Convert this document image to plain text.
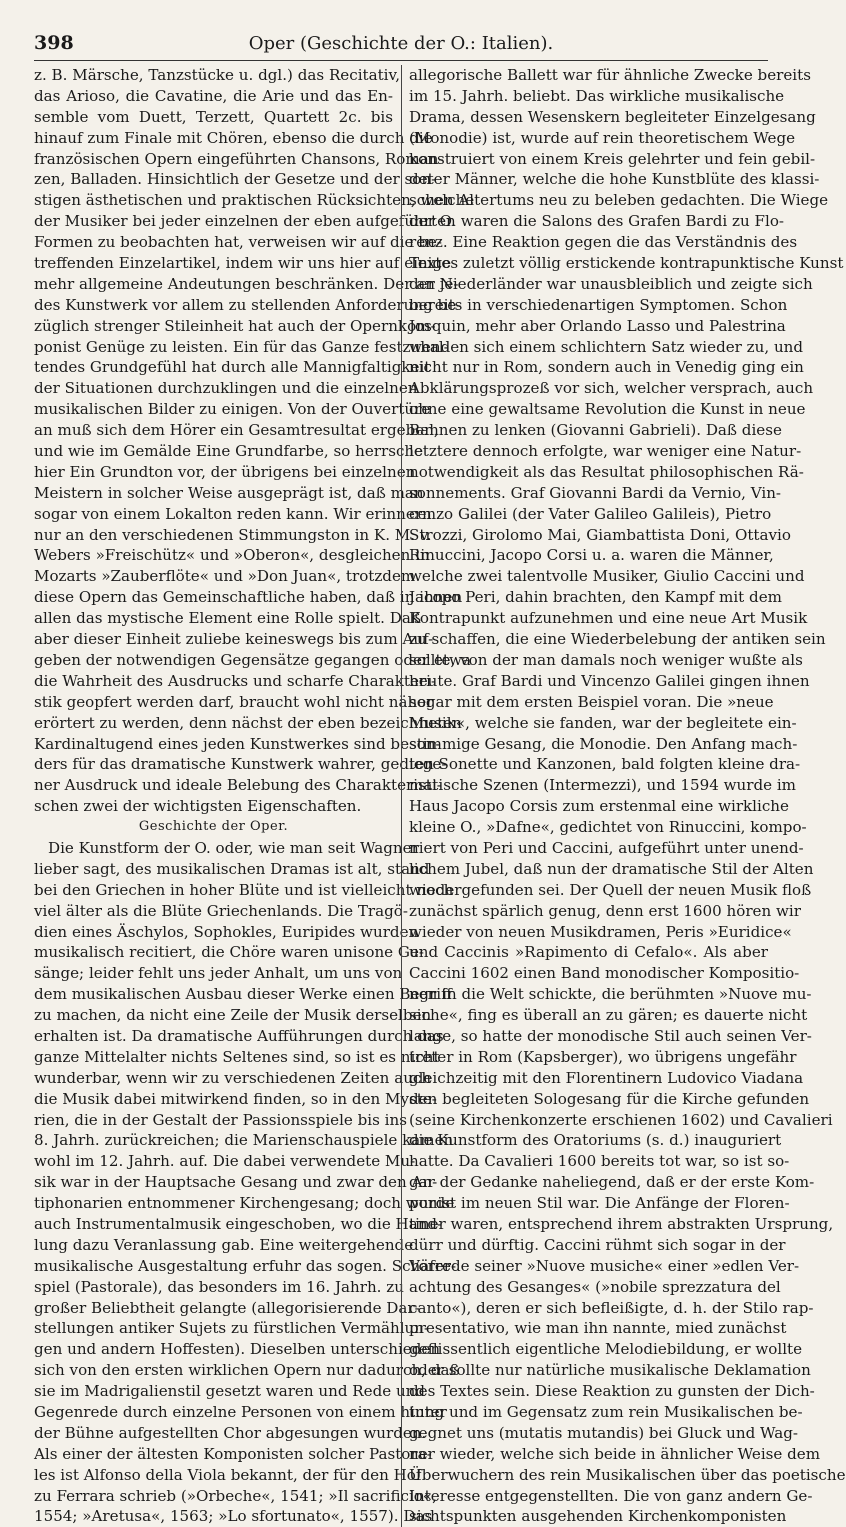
398	Oper (Geschichte der O.: Italien).
z. B. Märsche, Tanzstücke u. dgl.) das Recitativ,
das Arioso, die Cavatine, die Arie und das En-
semble vom Duett, Terzett, Quartett 2c. bis
hinauf zum Finale mit Chören, ebenso die durch die
französischen Opern eingeführten Chansons, Roman-
zen, Balladen. Hinsichtlich der Gesetze und der son-
stigen ästhetischen und praktischen Rücksichten, welche
der Musiker bei jeder einzelnen der eben aufgeführten
Formen zu beobachten hat, verweisen wir auf die be-
treffenden Einzelartikel, indem wir uns hier auf einige
mehr allgemeine Andeutungen beschränken. Der an je-
des Kunstwerk vor allem zu stellenden Anforderung be-
züglich strenger Stileinheit hat auch der Opernkom-
ponist Genüge zu leisten. Ein für das Ganze festzuhal-
tendes Grundgefühl hat durch alle Mannigfaltigkeit
der Situationen durchzuklingen und die einzelnen
musikalischen Bilder zu einigen. Von der Ouvertüre
an muß sich dem Hörer ein Gesamtresultat ergeben,
und wie im Gemälde Eine Grundfarbe, so herrsche
hier Ein Grundton vor, der übrigens bei einzelnen
Meistern in solcher Weise ausgeprägt ist, daß man
sogar von einem Lokalton reden kann. Wir erinnern
nur an den verschiedenen Stimmungston in K. M. v.
Webers »Freischütz« und »Oberon«, desgleichen in
Mozarts »Zauberflöte« und »Don Juan«, trotzdem
diese Opern das Gemeinschaftliche haben, daß in ihnen
allen das mystische Element eine Rolle spielt. Daß
aber dieser Einheit zuliebe keineswegs bis zum Auf-
geben der notwendigen Gegensätze gegangen oder etwa
die Wahrheit des Ausdrucks und scharfe Charakteri-
stik geopfert werden darf, braucht wohl nicht näher
erörtert zu werden, denn nächst der eben bezeichneten
Kardinaltugend eines jeden Kunstwerkes sind beson-
ders für das dramatische Kunstwerk wahrer, gediege-
ner Ausdruck und ideale Belebung des Charakteristi-
schen zwei der wichtigsten Eigenschaften.
Geschichte der Oper.
Die Kunstform der O. oder, wie man seit Wagner
lieber sagt, des musikalischen Dramas ist alt, stand
bei den Griechen in hoher Blüte und ist vielleicht noch
viel älter als die Blüte Griechenlands. Die Tragö-
dien eines Äschylos, Sophokles, Euripides wurden
musikalisch recitiert, die Chöre waren unisone Ge-
sänge; leider fehlt uns jeder Anhalt, um uns von
dem musikalischen Ausbau dieser Werke einen Begriff
zu machen, da nicht eine Zeile der Musik derselben
erhalten ist. Da dramatische Aufführungen durch das
ganze Mittelalter nichts Seltenes sind, so ist es nicht
wunderbar, wenn wir zu verschiedenen Zeiten auch
die Musik dabei mitwirkend finden, so in den Myste-
rien, die in der Gestalt der Passionsspiele bis ins
8. Jahrh. zurückreichen; die Marienschauspiele kamen
wohl im 12. Jahrh. auf. Die dabei verwendete Mu-
sik war in der Hauptsache Gesang und zwar den An-
tiphonarien entnommener Kirchengesang; doch wurde
auch Instrumentalmusik eingeschoben, wo die Hand-
lung dazu Veranlassung gab. Eine weitergehende
musikalische Ausgestaltung erfuhr das sogen. Schäfer-
spiel (Pastorale), das besonders im 16. Jahrh. zu
großer Beliebtheit gelangte (allegorisierende Dar-
stellungen antiker Sujets zu fürstlichen Vermählun-
gen und andern Hoffesten). Dieselben unterschieden
sich von den ersten wirklichen Opern nur dadurch, daß
sie im Madrigalienstil gesetzt waren und Rede und
Gegenrede durch einzelne Personen von einem hinter
der Bühne aufgestellten Chor abgesungen wurden.
Als einer der ältesten Komponisten solcher Pastora-
les ist Alfonso della Viola bekannt, der für den Hof
zu Ferrara schrieb (»Orbeche«, 1541; »Il sacrificio«,
1554; »Aretusa«, 1563; »Lo sfortunato«, 1557). Das
allegorische Ballett war für ähnliche Zwecke bereits
im 15. Jahrh. beliebt. Das wirkliche musikalische
Drama, dessen Wesenskern begleiteter Einzelgesang
(Monodie) ist, wurde auf rein theoretischem Wege
konstruiert von einem Kreis gelehrter und fein gebil-
deter Männer, welche die hohe Kunstblüte des klassi-
schen Altertums neu zu beleben gedachten. Die Wiege
der O. waren die Salons des Grafen Bardi zu Flo-
renz. Eine Reaktion gegen die das Verständnis des
Textes zuletzt völlig erstickende kontrapunktische Kunst
der Niederländer war unausbleiblich und zeigte sich
bereits in verschiedenartigen Symptomen. Schon
Josquin, mehr aber Orlando Lasso und Palestrina
wenden sich einem schlichtern Satz wieder zu, und
nicht nur in Rom, sondern auch in Venedig ging ein
Abklärungsprozeß vor sich, welcher versprach, auch
ohne eine gewaltsame Revolution die Kunst in neue
Bahnen zu lenken (Giovanni Gabrieli). Daß diese
letztere dennoch erfolgte, war weniger eine Natur-
notwendigkeit als das Resultat philosophischen Rä-
sonnements. Graf Giovanni Bardi da Vernio, Vin-
cenzo Galilei (der Vater Galileo Galileis), Pietro
Strozzi, Girolomo Mai, Giambattista Doni, Ottavio
Rinuccini, Jacopo Corsi u. a. waren die Männer,
welche zwei talentvolle Musiker, Giulio Caccini und
Jacopo Peri, dahin brachten, den Kampf mit dem
Kontrapunkt aufzunehmen und eine neue Art Musik
zu schaffen, die eine Wiederbelebung der antiken sein
sollte, von der man damals noch weniger wußte als
heute. Graf Bardi und Vincenzo Galilei gingen ihnen
sogar mit dem ersten Beispiel voran. Die »neue
Musik«, welche sie fanden, war der begleitete ein-
stimmige Gesang, die Monodie. Den Anfang mach-
ten Sonette und Kanzonen, bald folgten kleine dra-
matische Szenen (Intermezzi), und 1594 wurde im
Haus Jacopo Corsis zum erstenmal eine wirkliche
kleine O., »Dafne«, gedichtet von Rinuccini, kompo-
niert von Peri und Caccini, aufgeführt unter unend-
lichem Jubel, daß nun der dramatische Stil der Alten
wiedergefunden sei. Der Quell der neuen Musik floß
zunächst spärlich genug, denn erst 1600 hören wir
wieder von neuen Musikdramen, Peris »Euridice«
und Caccinis »Rapimento di Cefalo«. Als aber
Caccini 1602 einen Band monodischer Kompositio-
nen in die Welt schickte, die berühmten »Nuove mu-
siche«, fing es überall an zu gären; es dauerte nicht
lange, so hatte der monodische Stil auch seinen Ver-
treter in Rom (Kapsberger), wo übrigens ungefähr
gleichzeitig mit den Florentinern Ludovico Viadana
den begleiteten Sologesang für die Kirche gefunden
(seine Kirchenkonzerte erschienen 1602) und Cavalieri
die Kunstform des Oratoriums (s. d.) inauguriert
hatte. Da Cavalieri 1600 bereits tot war, so ist so-
gar der Gedanke naheliegend, daß er der erste Kom-
ponist im neuen Stil war. Die Anfänge der Floren-
tiner waren, entsprechend ihrem abstrakten Ursprung,
dürr und dürftig. Caccini rühmt sich sogar in der
Vorrede seiner »Nuove musiche« einer »edlen Ver-
achtung des Gesanges« (»nobile sprezzatura del
canto«), deren er sich befleißigte, d. h. der Stilo rap-
presentativo, wie man ihn nannte, mied zunächst
geflissentlich eigentliche Melodiebildung, er wollte
oder sollte nur natürliche musikalische Deklamation
des Textes sein. Diese Reaktion zu gunsten der Dich-
tung und im Gegensatz zum rein Musikalischen be-
gegnet uns (mutatis mutandis) bei Gluck und Wag-
ner wieder, welche sich beide in ähnlicher Weise dem
Überwuchern des rein Musikalischen über das poetische
Interesse entgegenstellten. Die von ganz andern Ge-
sichtspunkten ausgehenden Kirchenkomponisten
